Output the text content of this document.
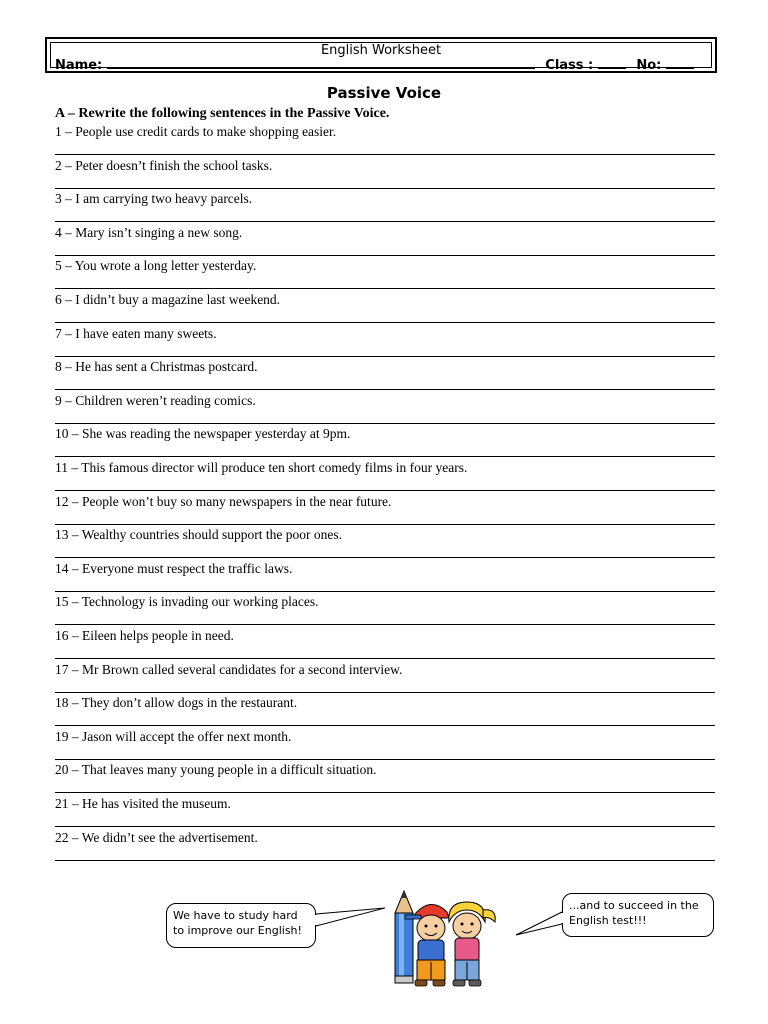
English Worksheet
Name:	Class :	No:
Passive Voice
A – Rewrite the following sentences in the Passive Voice.
1 – People use credit cards to make shopping easier.
2 – Peter doesn’t finish the school tasks.
3 – I am carrying two heavy parcels.
4 – Mary isn’t singing a new song.
5 – You wrote a long letter yesterday.
6 – I didn’t buy a magazine last weekend.
7 – I have eaten many sweets.
8 – He has sent a Christmas postcard.
9 – Children weren’t reading comics.
10 – She was reading the newspaper yesterday at 9pm.
11 – This famous director will produce ten short comedy films in four years.
12 – People won’t buy so many newspapers in the near future.
13 – Wealthy countries should support the poor ones.
14 – Everyone must respect the traffic laws.
15 – Technology is invading our working places.
16 – Eileen helps people in need.
17 – Mr Brown called several candidates for a second interview.
18 – They don’t allow dogs in the restaurant.
19 – Jason will accept the offer next month.
20 – That leaves many young people in a difficult situation.
21 – He has visited the museum.
22 – We didn’t see the advertisement.
We have to study hard to improve our English!
...and to succeed in the English test!!!
